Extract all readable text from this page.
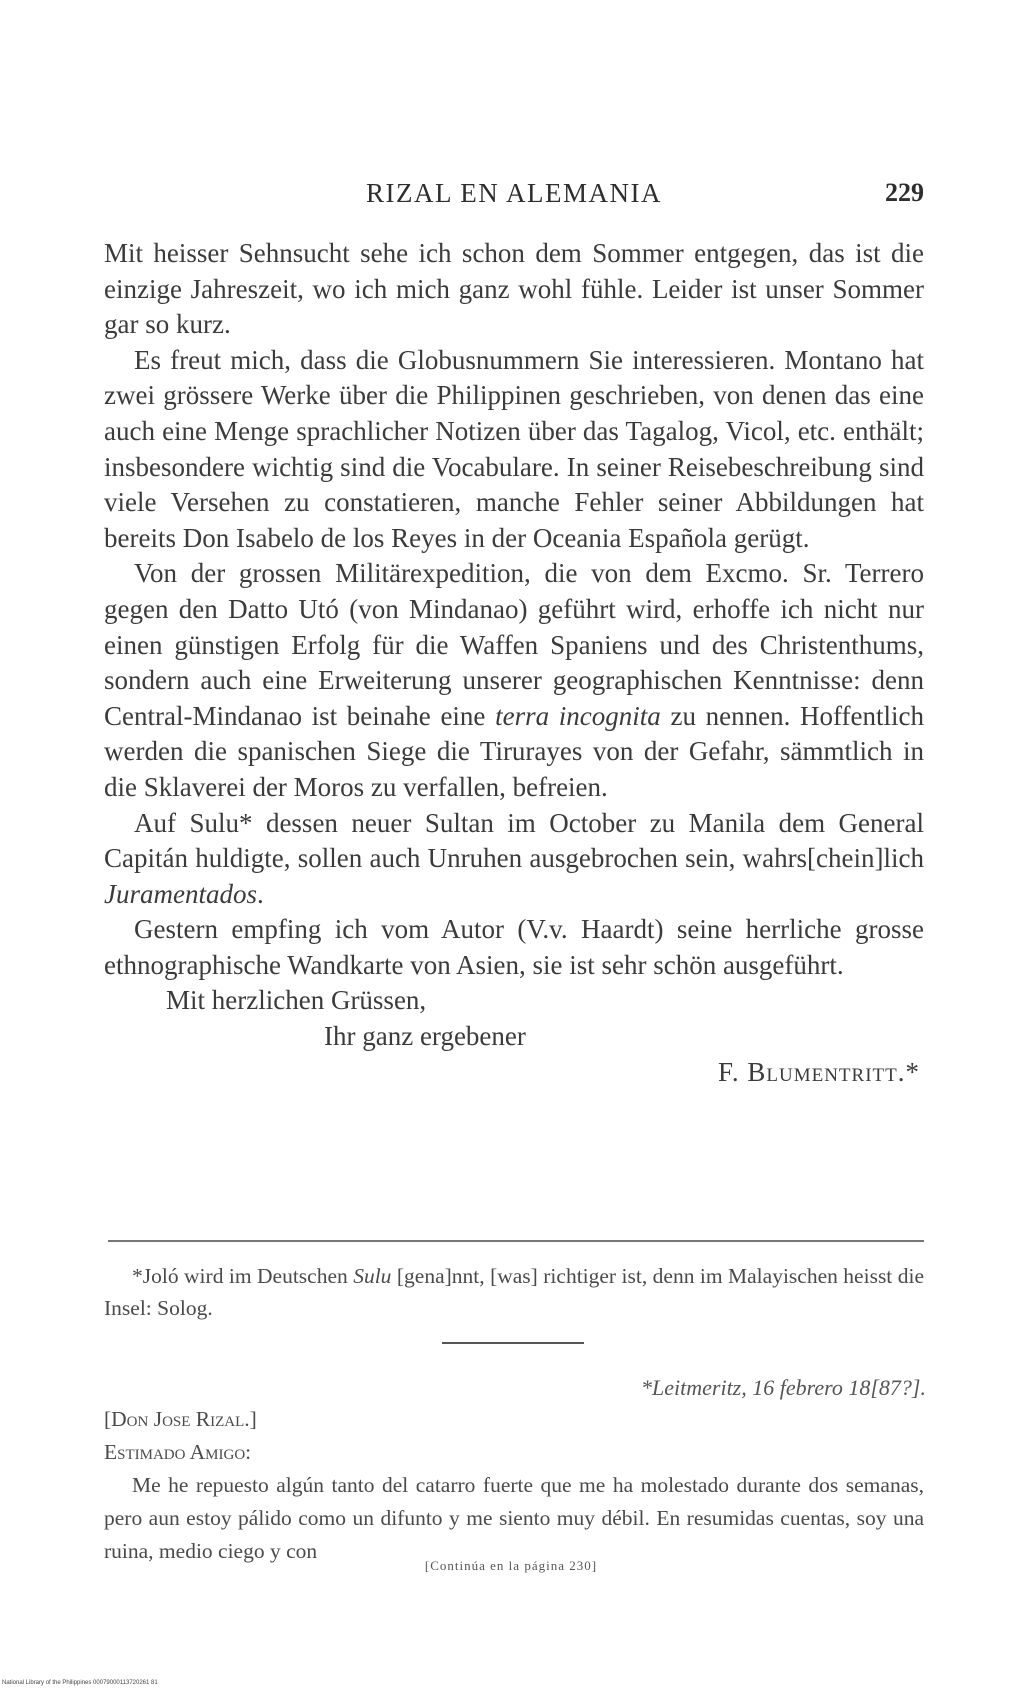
RIZAL EN ALEMANIA	229

Mit heisser Sehnsucht sehe ich schon dem Sommer entgegen, das ist die einzige Jahreszeit, wo ich mich ganz wohl fühle. Leider ist unser Sommer gar so kurz.

Es freut mich, dass die Globusnummern Sie interessieren. Montano hat zwei grössere Werke über die Philippinen geschrieben, von denen das eine auch eine Menge sprachlicher Notizen über das Tagalog, Vicol, etc. enthält; insbesondere wichtig sind die Vocabulare. In seiner Reisebeschreibung sind viele Versehen zu constatieren, manche Fehler seiner Abbildungen hat bereits Don Isabelo de los Reyes in der Oceania Española gerügt.

Von der grossen Militärexpedition, die von dem Excmo. Sr. Terrero gegen den Datto Utó (von Mindanao) geführt wird, erhoffe ich nicht nur einen günstigen Erfolg für die Waffen Spaniens und des Christenthums, sondern auch eine Erweiterung unserer geographischen Kenntnisse: denn Central-Mindanao ist beinahe eine terra incognita zu nennen. Hoffentlich werden die spanischen Siege die Tirurayes von der Gefahr, sämmtlich in die Sklaverei der Moros zu verfallen, befreien.

Auf Sulu* dessen neuer Sultan im October zu Manila dem General Capitán huldigte, sollen auch Unruhen ausgebrochen sein, wahrs[chein]lich Juramentados.

Gestern empfing ich vom Autor (V.v. Haardt) seine herrliche grosse ethnographische Wandkarte von Asien, sie ist sehr schön ausgeführt.

Mit herzlichen Grüssen,

Ihr ganz ergebener

F. Blumentritt.*

*Joló wird im Deutschen Sulu [gena]nnt, [was] richtiger ist, denn im Malayischen heisst die Insel: Solog.

*Leitmeritz, 16 febrero 18[87?].

[Don Jose Rizal.]

Estimado Amigo:

Me he repuesto algún tanto del catarro fuerte que me ha molestado durante dos semanas, pero aun estoy pálido como un difunto y me siento muy débil. En resumidas cuentas, soy una ruina, medio ciego y con

[Continúa en la página 230]
National Library of the Philippines 00079000113720261 81
